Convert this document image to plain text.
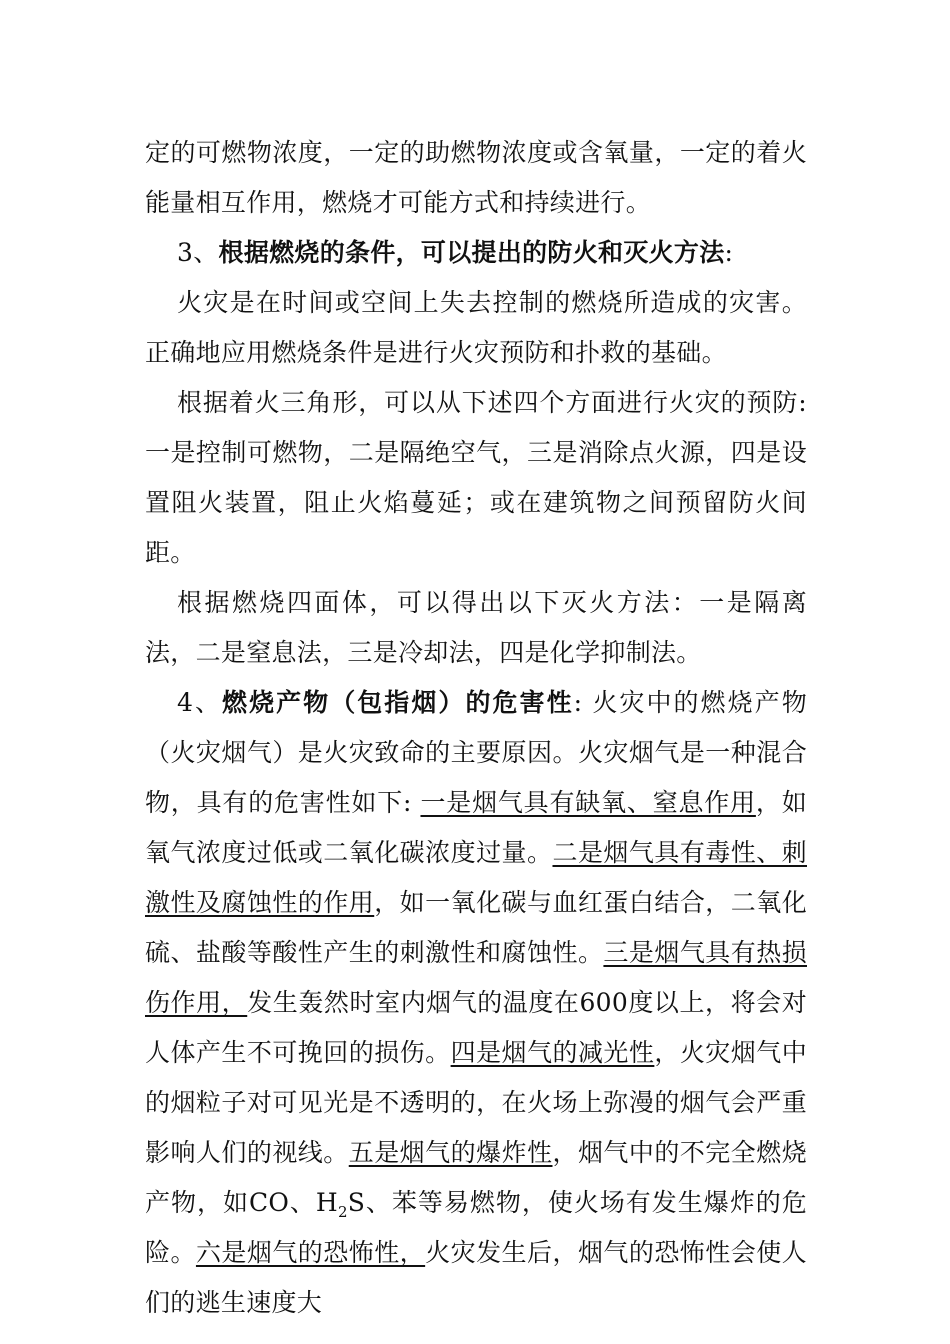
定的可燃物浓度，一定的助燃物浓度或含氧量，一定的着火能量相互作用，燃烧才可能方式和持续进行。

3、根据燃烧的条件，可以提出的防火和灭火方法:

火灾是在时间或空间上失去控制的燃烧所造成的灾害。正确地应用燃烧条件是进行火灾预防和扑救的基础。

根据着火三角形，可以从下述四个方面进行火灾的预防:一是控制可燃物，二是隔绝空气，三是消除点火源，四是设置阻火装置，阻止火焰蔓延；或在建筑物之间预留防火间距。

根据燃烧四面体，可以得出以下灭火方法：一是隔离法，二是窒息法，三是冷却法，四是化学抑制法。

4、燃烧产物（包指烟）的危害性: 火灾中的燃烧产物（火灾烟气）是火灾致命的主要原因。火灾烟气是一种混合物，具有的危害性如下: 一是烟气具有缺氧、窒息作用，如氧气浓度过低或二氧化碳浓度过量。二是烟气具有毒性、刺激性及腐蚀性的作用，如一氧化碳与血红蛋白结合，二氧化硫、盐酸等酸性产生的刺激性和腐蚀性。三是烟气具有热损伤作用，发生轰然时室内烟气的温度在600度以上，将会对人体产生不可挽回的损伤。四是烟气的减光性，火灾烟气中的烟粒子对可见光是不透明的，在火场上弥漫的烟气会严重影响人们的视线。五是烟气的爆炸性，烟气中的不完全燃烧产物，如CO、$H_2S$、苯等易燃物，使火场有发生爆炸的危险。六是烟气的恐怖性，火灾发生后，烟气的恐怖性会使人们的逃生速度大
